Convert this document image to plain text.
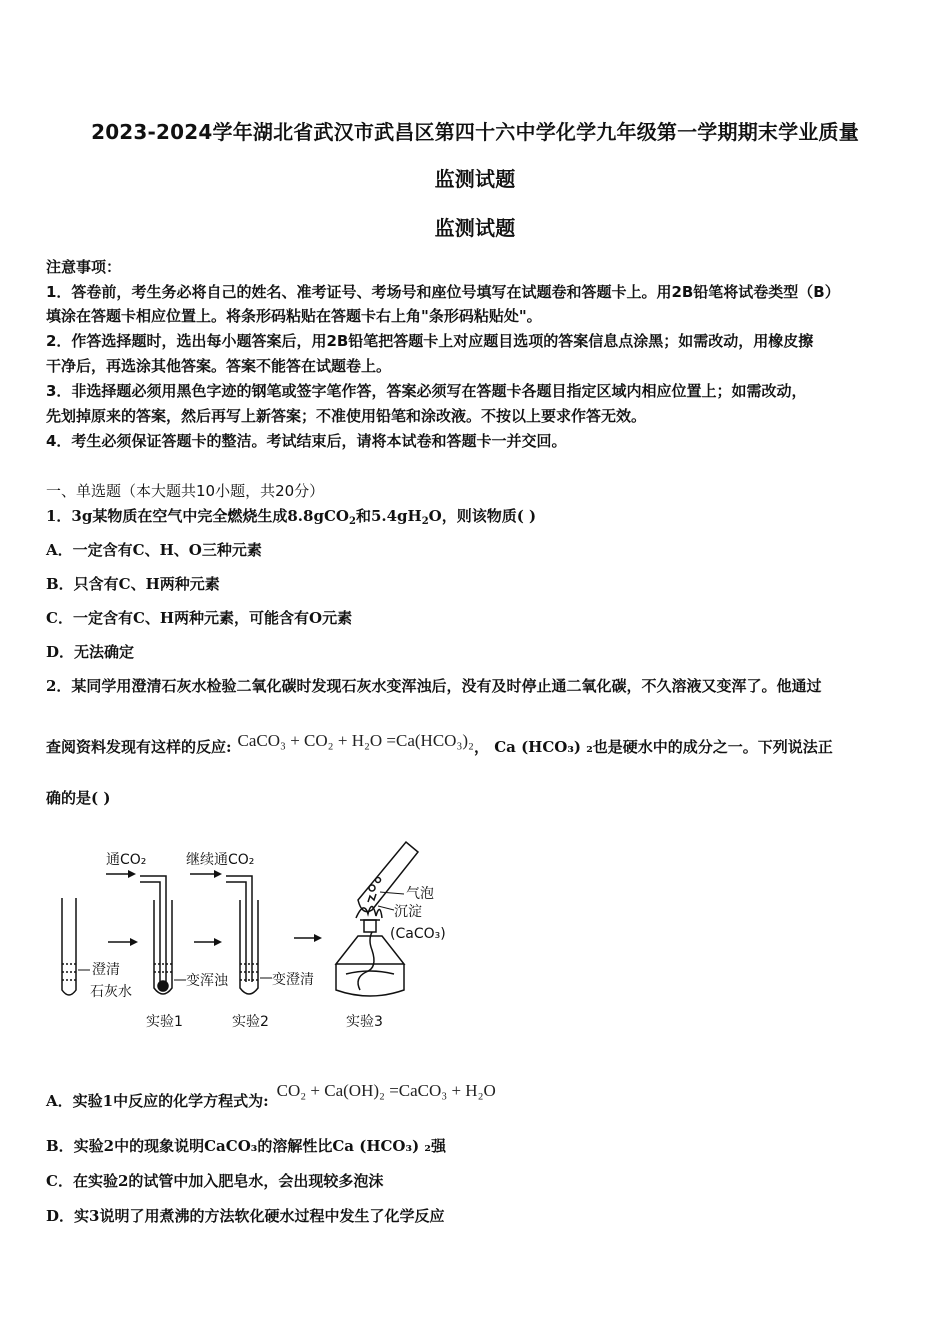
2023-2024学年湖北省武汉市武昌区第四十六中学化学九年级第一学期期末学业质量
监测试题
监测试题
注意事项：
1．答卷前，考生务必将自己的姓名、准考证号、考场号和座位号填写在试题卷和答题卡上。用2B铅笔将试卷类型（B）
填涂在答题卡相应位置上。将条形码粘贴在答题卡右上角"条形码粘贴处"。
2．作答选择题时，选出每小题答案后，用2B铅笔把答题卡上对应题目选项的答案信息点涂黑；如需改动，用橡皮擦
干净后，再选涂其他答案。答案不能答在试题卷上。
3．非选择题必须用黑色字迹的钢笔或签字笔作答，答案必须写在答题卡各题目指定区域内相应位置上；如需改动，
先划掉原来的答案，然后再写上新答案；不准使用铅笔和涂改液。不按以上要求作答无效。
4．考生必须保证答题卡的整洁。考试结束后，请将本试卷和答题卡一并交回。
一、单选题（本大题共10小题，共20分）
1．3g某物质在空气中完全燃烧生成8.8gCO$_2$和$5.4gH_2O$，则该物质( )
A．一定含有C、H、O三种元素
B．只含有C、H两种元素
C．一定含有C、H两种元素，可能含有O元素
D．无法确定
2．某同学用澄清石灰水检验二氧化碳时发现石灰水变浑浊后，没有及时停止通二氧化碳，不久溶液又变浑了。他通过
查阅资料发现有这样的反应: CaCO₃ + CO₂ + H₂O =Ca(HCO₃)₂， Ca (HCO₃) ₂也是硬水中的成分之一。下列说法正
确的是( )
通CO₂
澄清
石灰水
变浑浊
实验1
继续通CO₂
变澄清
实验2
气泡
沉淀
(CaCO₃)
实验3
A．实验1中反应的化学方程式为:CO₂ + Ca(OH)₂ =CaCO₃ + H₂O
B．实验2中的现象说明CaCO₃的溶解性比Ca (HCO₃) ₂强
C．在实验2的试管中加入肥皂水，会出现较多泡沫
D．实3说明了用煮沸的方法软化硬水过程中发生了化学反应
